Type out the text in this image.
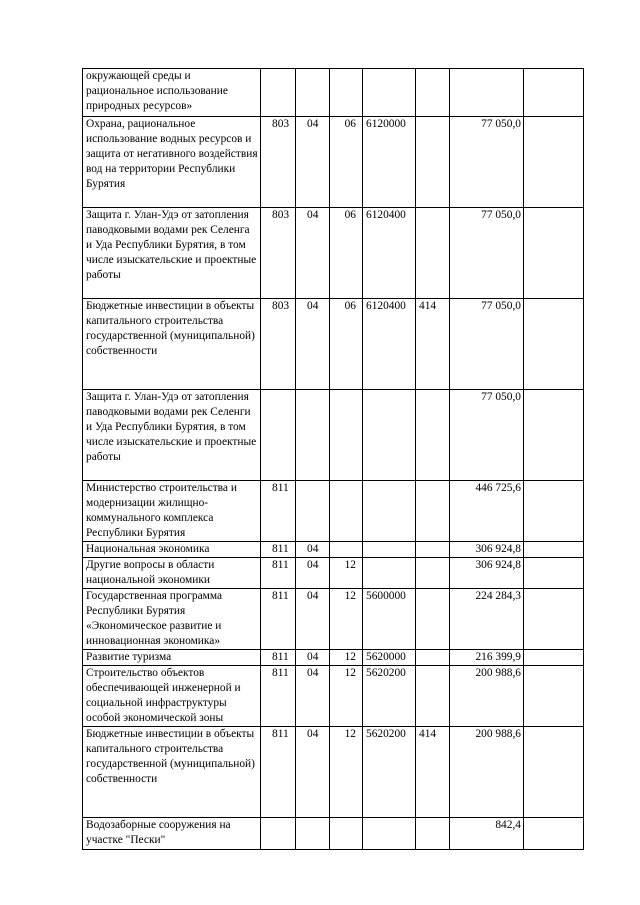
окружающей среды и рациональное использование природных ресурсов»							
Охрана, рациональное использование водных ресурсов и защита от негативного воздействия вод на территории Республики Бурятия	803	04	06	6120000		77 050,0	
Защита г. Улан-Удэ от затопления паводковыми водами рек Селенга и Уда Республики Бурятия, в том числе изыскательские и проектные работы	803	04	06	6120400		77 050,0	
Бюджетные инвестиции в объекты капитального строительства государственной (муниципальной) собственности	803	04	06	6120400	414	77 050,0	
Защита г. Улан-Удэ от затопления паводковыми водами рек Селенги и Уда Республики Бурятия, в том числе изыскательские и проектные работы						77 050,0	
Министерство строительства и модернизации жилищно-коммунального комплекса Республики Бурятия	811					446 725,6	
Национальная экономика	811	04				306 924,8	
Другие вопросы в области национальной экономики	811	04	12			306 924,8	
Государственная программа Республики Бурятия «Экономическое развитие и инновационная экономика»	811	04	12	5600000		224 284,3	
Развитие туризма	811	04	12	5620000		216 399,9	
Строительство объектов обеспечивающей инженерной и социальной инфраструктуры особой экономической зоны	811	04	12	5620200		200 988,6	
Бюджетные инвестиции в объекты капитального строительства государственной (муниципальной) собственности	811	04	12	5620200	414	200 988,6	
Водозаборные сооружения на участке "Пески"						842,4	
